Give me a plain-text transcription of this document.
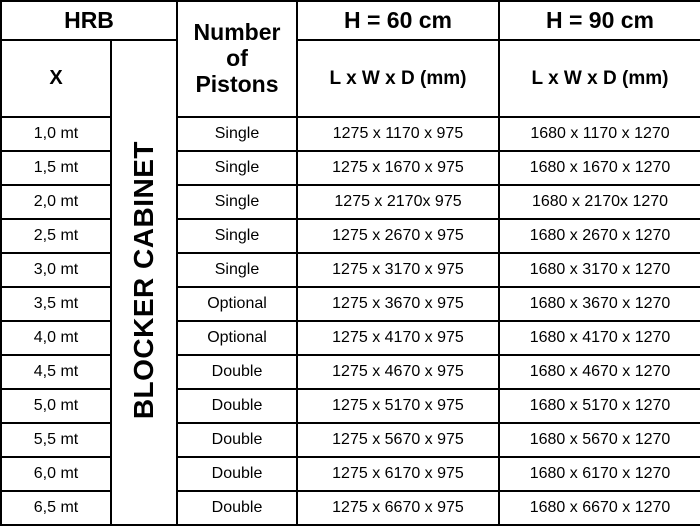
HRB		Number
of
Pistons	H = 60 cm	H = 90 cm
X	BLOCKER CABINET		L x W x D (mm)	L x W x D (mm)
1,0 mt		Single	1275 x 1170 x 975	1680 x 1170 x 1270
1,5 mt		Single	1275 x 1670 x 975	1680 x 1670 x 1270
2,0 mt		Single	1275 x 2170x 975	1680 x 2170x 1270
2,5 mt		Single	1275 x 2670 x 975	1680 x 2670 x 1270
3,0 mt		Single	1275 x 3170 x 975	1680 x 3170 x 1270
3,5 mt		Optional	1275 x 3670 x 975	1680 x 3670 x 1270
4,0 mt		Optional	1275 x 4170 x 975	1680 x 4170 x 1270
4,5 mt		Double	1275 x 4670 x 975	1680 x 4670 x 1270
5,0 mt		Double	1275 x 5170 x 975	1680 x 5170 x 1270
5,5 mt		Double	1275 x 5670 x 975	1680 x 5670 x 1270
6,0 mt		Double	1275 x 6170 x 975	1680 x 6170 x 1270
6,5 mt		Double	1275 x 6670 x 975	1680 x 6670 x 1270
